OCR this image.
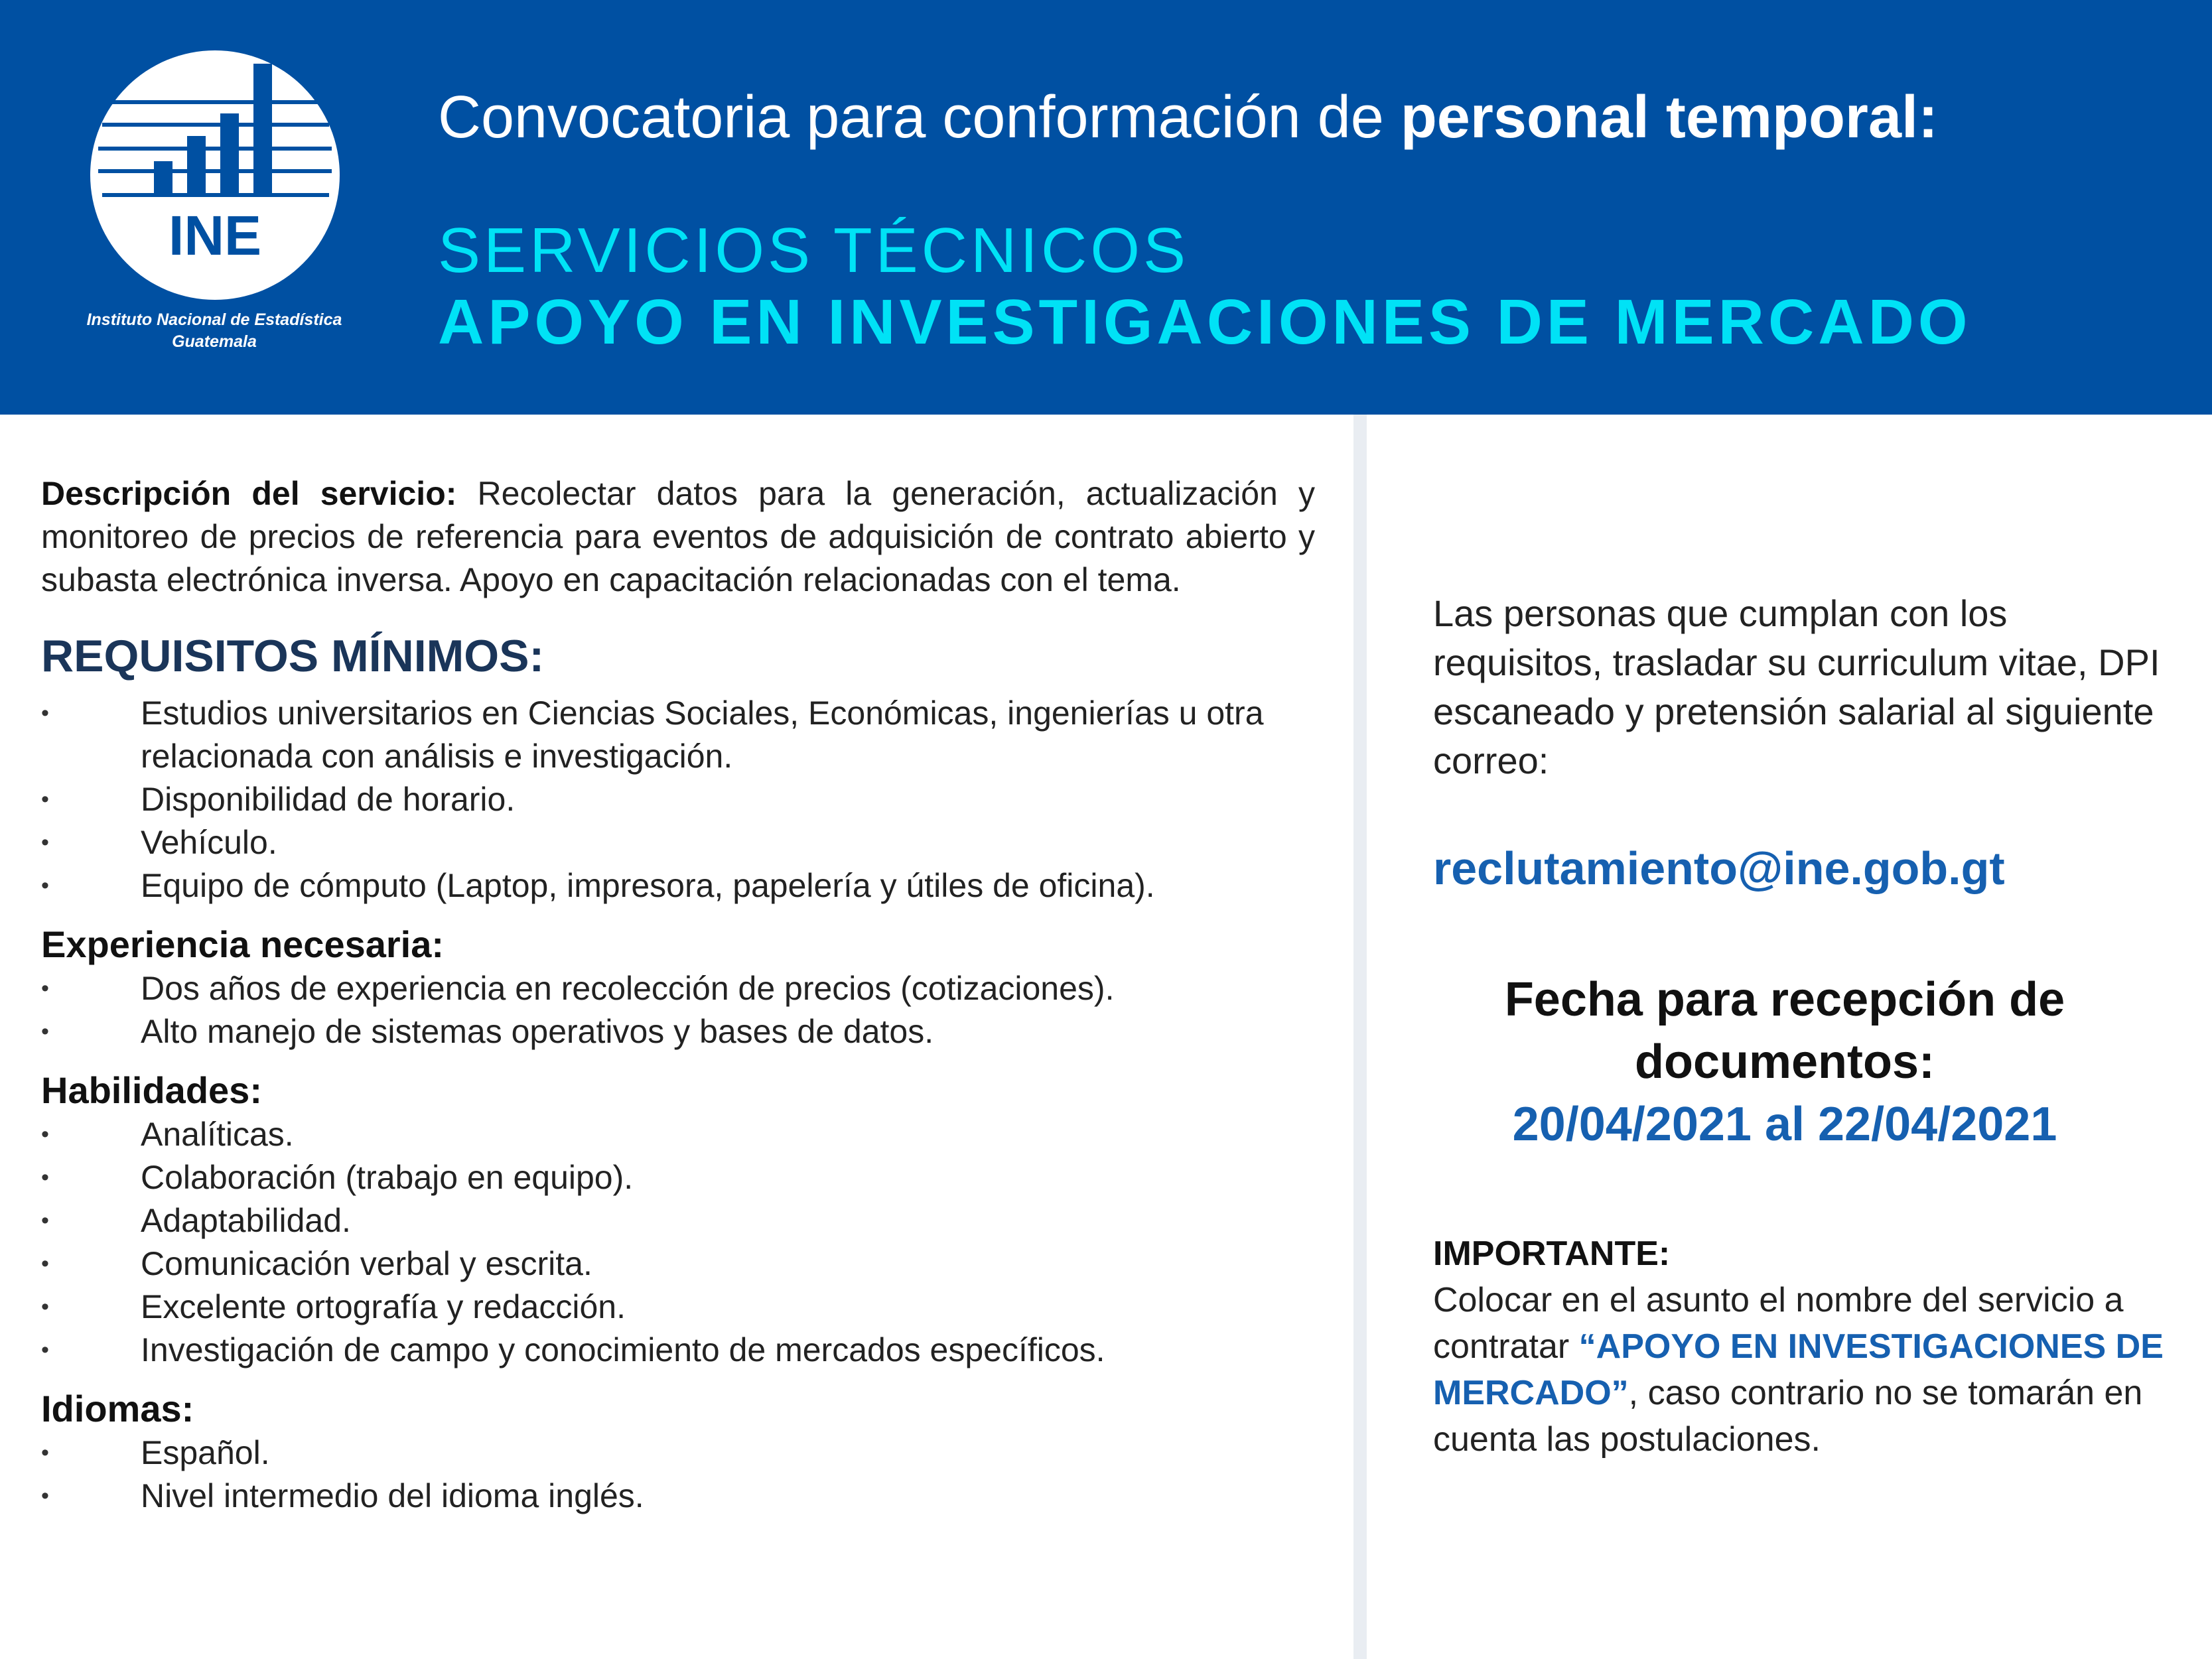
INE
Instituto Nacional de Estadística
Guatemala
Convocatoria para conformación de personal temporal:
SERVICIOS TÉCNICOS
APOYO EN INVESTIGACIONES DE MERCADO

Descripción del servicio: Recolectar datos para la generación, actualización y monitoreo de precios de referencia para eventos de adquisición de contrato abierto y subasta electrónica inversa. Apoyo en capacitación relacionadas con el tema.

REQUISITOS MÍNIMOS:
• Estudios universitarios en Ciencias Sociales, Económicas, ingenierías u otra relacionada con análisis e investigación.
• Disponibilidad de horario.
• Vehículo.
• Equipo de cómputo (Laptop, impresora, papelería y útiles de oficina).
Experiencia necesaria:
• Dos años de experiencia en recolección de precios (cotizaciones).
• Alto manejo de sistemas operativos y bases de datos.
Habilidades:
• Analíticas.
• Colaboración (trabajo en equipo).
• Adaptabilidad.
• Comunicación verbal y escrita.
• Excelente ortografía y redacción.
• Investigación de campo y conocimiento de mercados específicos.
Idiomas:
• Español.
• Nivel intermedio del idioma inglés.

Las personas que cumplan con los requisitos, trasladar su curriculum vitae, DPI escaneado y pretensión salarial al siguiente correo:

reclutamiento@ine.gob.gt

Fecha para recepción de documentos:

20/04/2021 al 22/04/2021

IMPORTANTE:
Colocar en el asunto el nombre del servicio a contratar “APOYO EN INVESTIGACIONES DE MERCADO”, caso contrario no se tomarán en cuenta las postulaciones.
